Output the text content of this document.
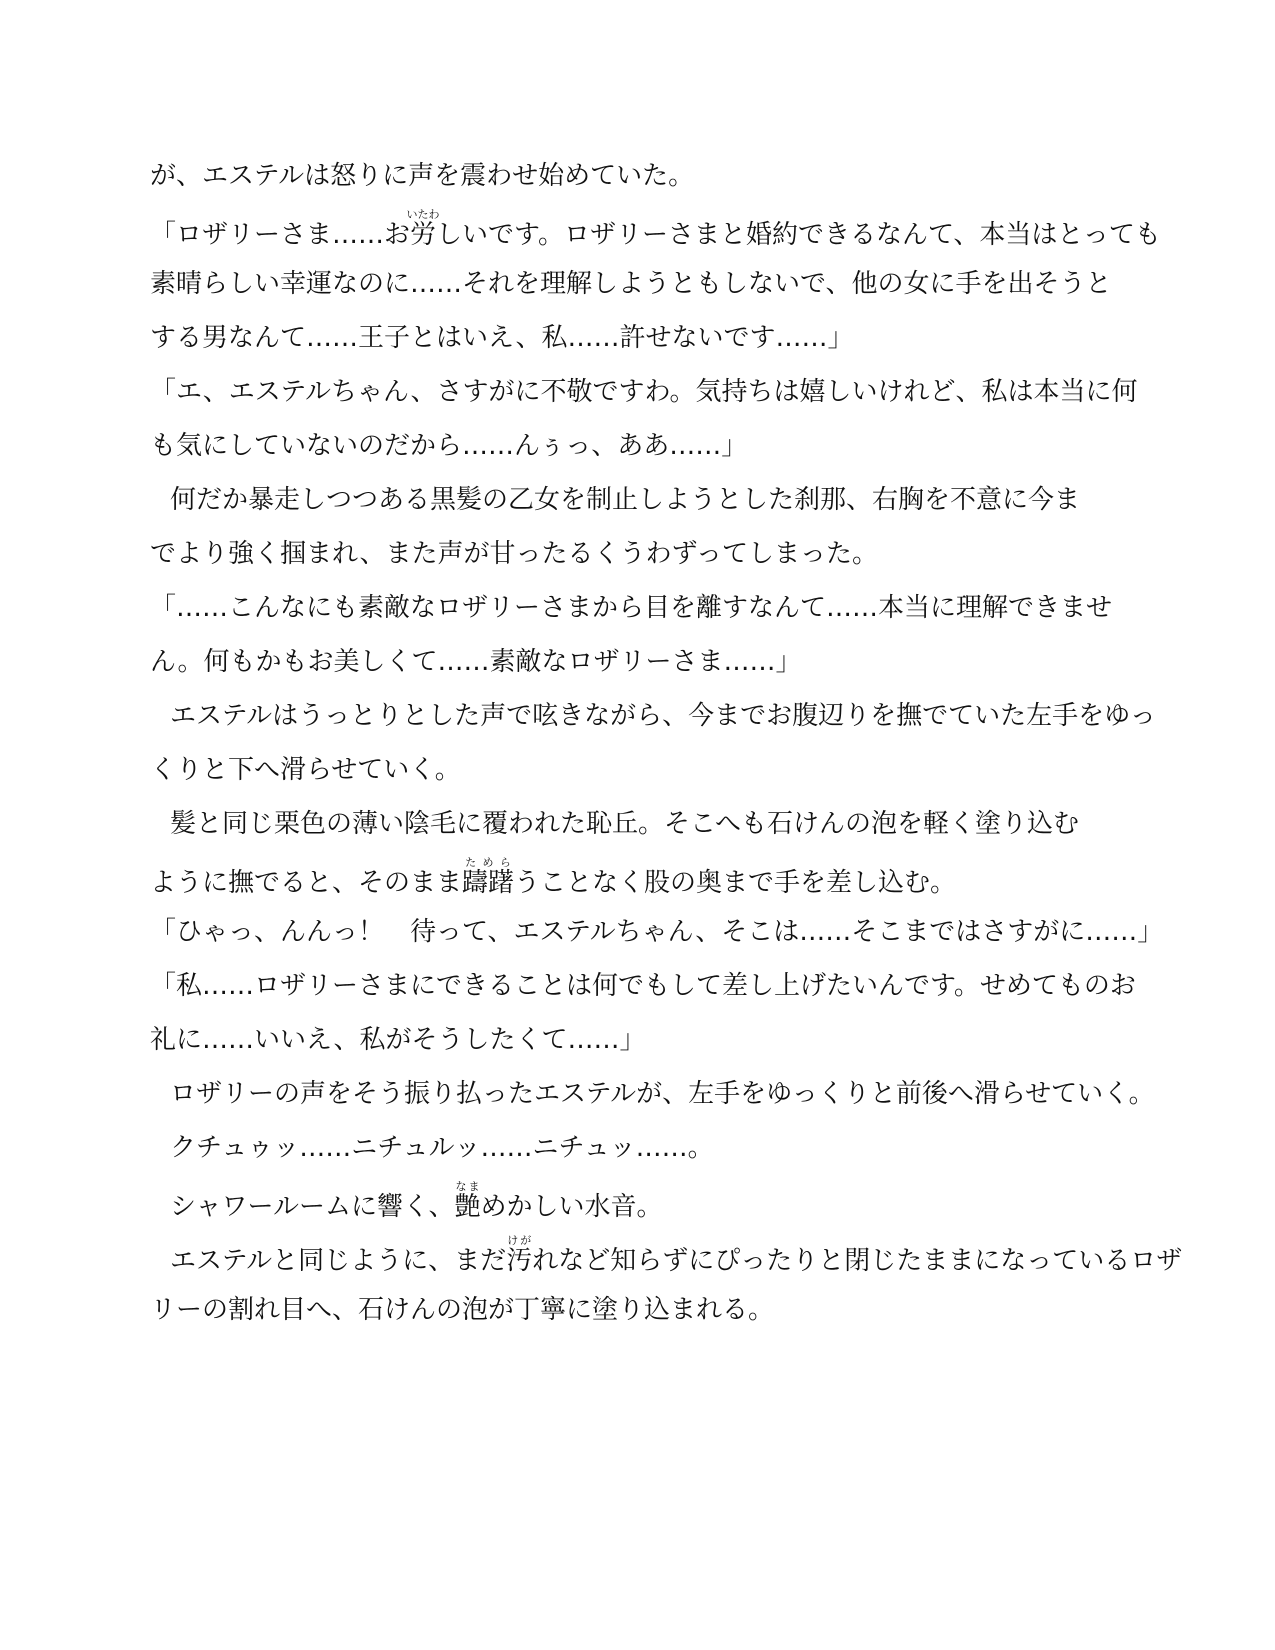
が、エステルは怒りに声を震わせ始めていた。
「ロザリーさま……お労いたわしいです。ロザリーさまと婚約できるなんて、本当はとっても
素晴らしい幸運なのに……それを理解しようともしないで、他の女に手を出そうと
する男なんて……王子とはいえ、私……許せないです……」
「エ、エステルちゃん、さすがに不敬ですわ。気持ちは嬉しいけれど、私は本当に何
も気にしていないのだから……んぅっ、ああ……」
何だか暴走しつつある黒髪の乙女を制止しようとした刹那、右胸を不意に今ま
でより強く掴まれ、また声が甘ったるくうわずってしまった。
「……こんなにも素敵なロザリーさまから目を離すなんて……本当に理解できませ
ん。何もかもお美しくて……素敵なロザリーさま……」
エステルはうっとりとした声で呟きながら、今までお腹辺りを撫でていた左手をゆっ
くりと下へ滑らせていく。
髪と同じ栗色の薄い陰毛に覆われた恥丘。そこへも石けんの泡を軽く塗り込む
ように撫でると、そのまま躊躇ためらうことなく股の奥まで手を差し込む。
「ひゃっ、んんっ！　待って、エステルちゃん、そこは……そこまではさすがに……」
「私……ロザリーさまにできることは何でもして差し上げたいんです。せめてものお
礼に……いいえ、私がそうしたくて……」
ロザリーの声をそう振り払ったエステルが、左手をゆっくりと前後へ滑らせていく。
クチュゥッ……ニチュルッ……ニチュッ……。
シャワールームに響く、艶なまめかしい水音。
エステルと同じように、まだ汚けがれなど知らずにぴったりと閉じたままになっているロザ
リーの割れ目へ、石けんの泡が丁寧に塗り込まれる。
